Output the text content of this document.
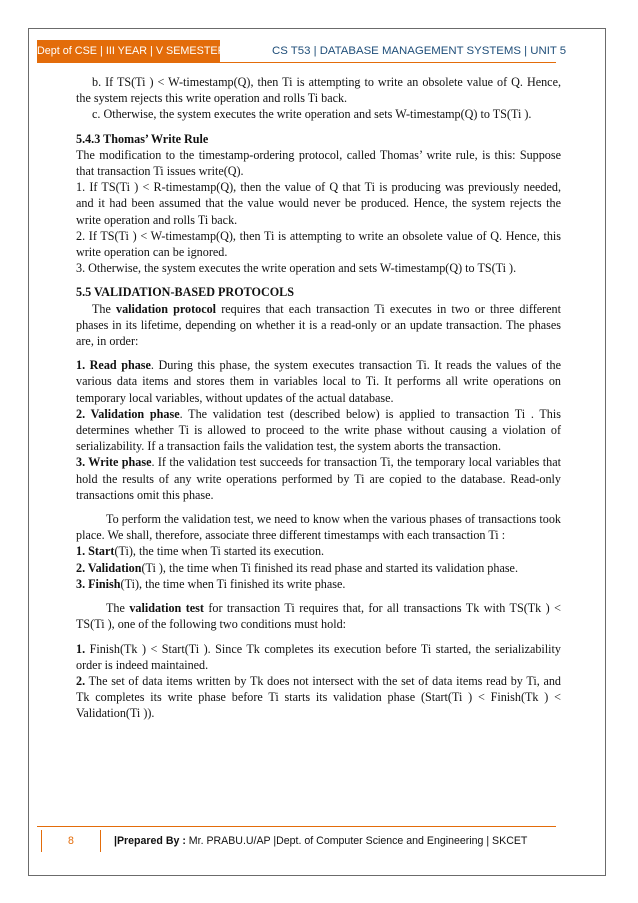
Dept of CSE | III YEAR | V SEMESTER	CS T53 | DATABASE MANAGEMENT SYSTEMS | UNIT 5

b. If TS(Ti ) < W-timestamp(Q), then Ti is attempting to write an obsolete value of Q. Hence, the system rejects this write operation and rolls Ti back.

c. Otherwise, the system executes the write operation and sets W-timestamp(Q) to TS(Ti ).

5.4.3 Thomas’ Write Rule

The modification to the timestamp-ordering protocol, called Thomas’ write rule, is this: Suppose that transaction Ti issues write(Q).

1. If TS(Ti ) < R-timestamp(Q), then the value of Q that Ti is producing was previously needed, and it had been assumed that the value would never be produced. Hence, the system rejects the write operation and rolls Ti back.

2. If TS(Ti ) < W-timestamp(Q), then Ti is attempting to write an obsolete value of Q. Hence, this write operation can be ignored.

3. Otherwise, the system executes the write operation and sets W-timestamp(Q) to TS(Ti ).

5.5 VALIDATION-BASED PROTOCOLS

The validation protocol requires that each transaction Ti executes in two or three different phases in its lifetime, depending on whether it is a read-only or an update transaction. The phases are, in order:

1. Read phase. During this phase, the system executes transaction Ti. It reads the values of the various data items and stores them in variables local to Ti. It performs all write operations on temporary local variables, without updates of the actual database.

2. Validation phase. The validation test (described below) is applied to transaction Ti . This determines whether Ti is allowed to proceed to the write phase without causing a violation of serializability. If a transaction fails the validation test, the system aborts the transaction.

3. Write phase. If the validation test succeeds for transaction Ti, the temporary local variables that hold the results of any write operations performed by Ti are copied to the database. Read-only transactions omit this phase.

To perform the validation test, we need to know when the various phases of transactions took place. We shall, therefore, associate three different timestamps with each transaction Ti :

1. Start(Ti), the time when Ti started its execution.

2. Validation(Ti ), the time when Ti finished its read phase and started its validation phase.

3. Finish(Ti), the time when Ti finished its write phase.

The validation test for transaction Ti requires that, for all transactions Tk with TS(Tk ) < TS(Ti ), one of the following two conditions must hold:

1. Finish(Tk ) < Start(Ti ). Since Tk completes its execution before Ti started, the serializability order is indeed maintained.

2. The set of data items written by Tk does not intersect with the set of data items read by Ti, and Tk completes its write phase before Ti starts its validation phase (Start(Ti ) < Finish(Tk ) < Validation(Ti )).

8	|Prepared By : Mr. PRABU.U/AP |Dept. of Computer Science and Engineering | SKCET
